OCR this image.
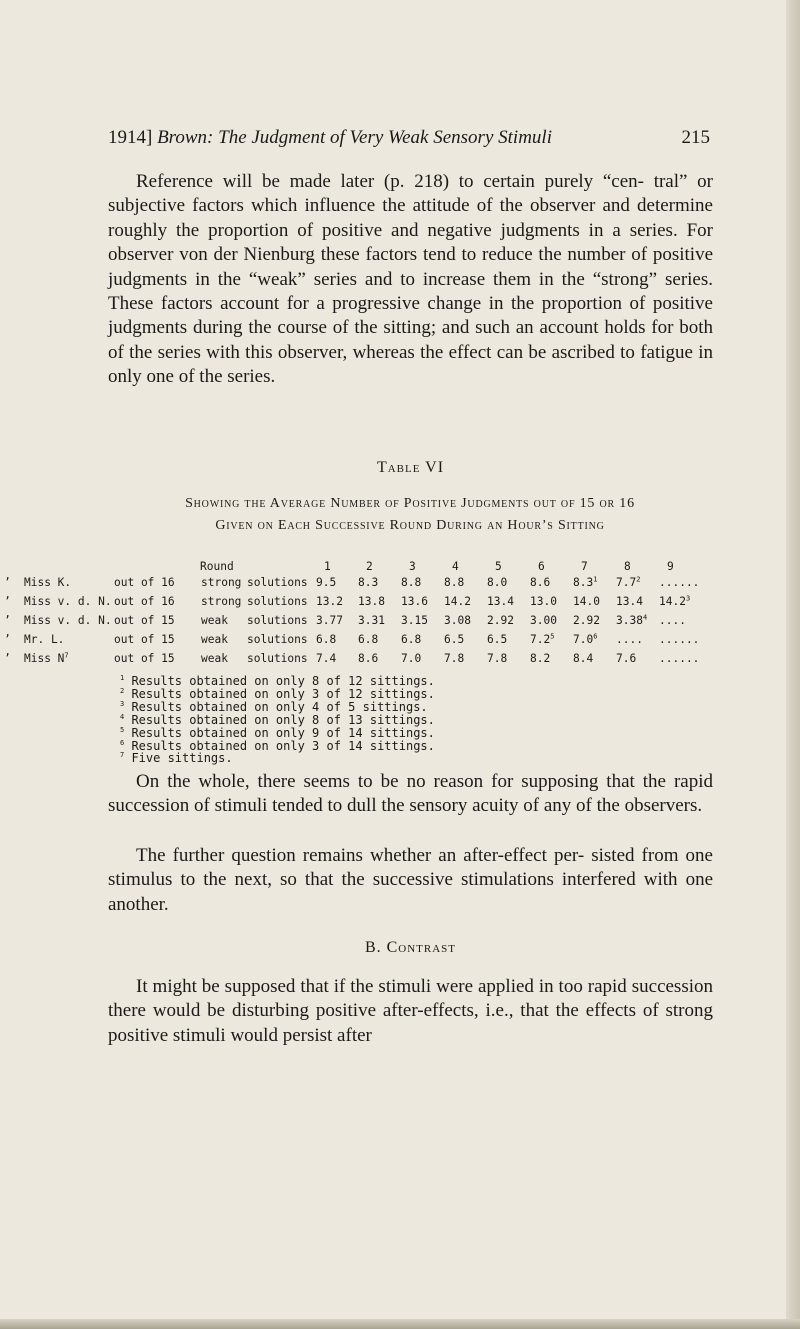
1914] Brown: The Judgment of Very Weak Sensory Stimuli	215

Reference will be made later (p. 218) to certain purely “cen- tral” or subjective factors which influence the attitude of the observer and determine roughly the proportion of positive and negative judgments in a series. For observer von der Nienburg these factors tend to reduce the number of positive judgments in the “weak” series and to increase them in the “strong” series. These factors account for a progressive change in the proportion of positive judgments during the course of the sitting; and such an account holds for both of the series with this observer, whereas the effect can be ascribed to fatigue in only one of the series.

Table VI
Showing the Average Number of Positive Judgments out of 15 or 16
Given on Each Successive Round During an Hour’s Sitting
Round	1	2	3	4	5	6	7	8	9
ʼ Miss K.	out of 16 strong solutions 9.5 8.3 8.8 8.8 8.0 8.6 $8.3^1$ $7.7^2$ ......
ʼ Miss v. d. N. out of 16 strong solutions 13.2 13.8 13.6 14.2 13.4 13.0 14.0 13.4 14.2$^3$
ʼ Miss v. d. N. out of 15 weak solutions 3.77 3.31 3.15 3.08 2.92 3.00 2.92 3.38$^4$ ....
ʼ Mr. L.	out of 15 weak solutions 6.8 6.8 6.8 6.5 6.5 $7.2^5$ $7.0^6$ .... ......
ʼ Miss $N^7$	out of 15 weak solutions 7.4 8.6 7.0 7.8 7.8 8.2 8.4 7.6 ......
$^1$ Results obtained on only 8 of 12 sittings.
$^2$ Results obtained on only 3 of 12 sittings.
$^3$ Results obtained on only 4 of 5 sittings.
$^4$ Results obtained on only 8 of 13 sittings.
$^5$ Results obtained on only 9 of 14 sittings.
$^6$ Results obtained on only 3 of 14 sittings.
$^7$ Five sittings.

On the whole, there seems to be no reason for supposing that the rapid succession of stimuli tended to dull the sensory acuity of any of the observers.

The further question remains whether an after-effect per- sisted from one stimulus to the next, so that the successive stimulations interfered with one another.

B. Contrast

It might be supposed that if the stimuli were applied in too rapid succession there would be disturbing positive after-effects, i.e., that the effects of strong positive stimuli would persist after
